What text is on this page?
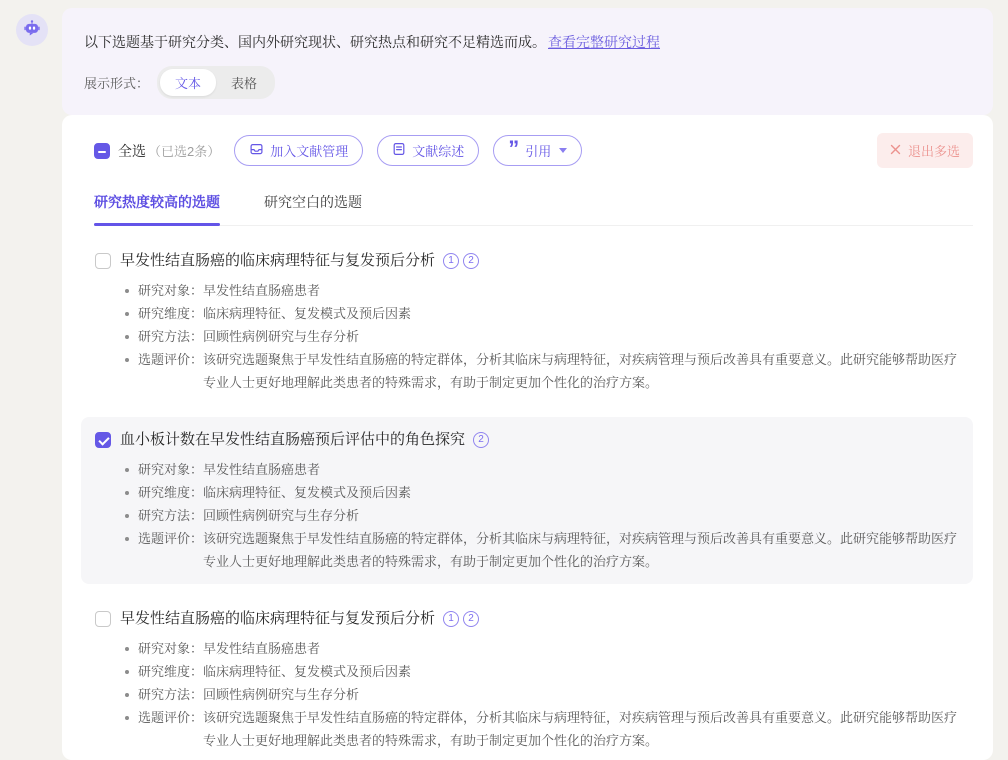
以下选题基于研究分类、国内外研究现状、研究热点和研究不足精选而成。 查看完整研究过程
展示形式：	文本	表格
全选 （已选2条）	加入文献管理	文献综述 ” 引用	退出多选
研究热度较高的选题	研究空白的选题
早发性结直肠癌的临床病理特征与复发预后分析	1	2
研究对象： 早发性结直肠癌患者
研究维度： 临床病理特征、复发模式及预后因素
研究方法： 回顾性病例研究与生存分析
选题评价： 该研究选题聚焦于早发性结直肠癌的特定群体，分析其临床与病理特征，对疾病管理与预后改善具有重要意义。此研究能够帮助医疗专业人士更好地理解此类患者的特殊需求，有助于制定更加个性化的治疗方案。
血小板计数在早发性结直肠癌预后评估中的角色探究	2
研究对象： 早发性结直肠癌患者
研究维度： 临床病理特征、复发模式及预后因素
研究方法： 回顾性病例研究与生存分析
选题评价： 该研究选题聚焦于早发性结直肠癌的特定群体，分析其临床与病理特征，对疾病管理与预后改善具有重要意义。此研究能够帮助医疗专业人士更好地理解此类患者的特殊需求，有助于制定更加个性化的治疗方案。
早发性结直肠癌的临床病理特征与复发预后分析	1	2
研究对象： 早发性结直肠癌患者
研究维度： 临床病理特征、复发模式及预后因素
研究方法： 回顾性病例研究与生存分析
选题评价： 该研究选题聚焦于早发性结直肠癌的特定群体，分析其临床与病理特征，对疾病管理与预后改善具有重要意义。此研究能够帮助医疗专业人士更好地理解此类患者的特殊需求，有助于制定更加个性化的治疗方案。
